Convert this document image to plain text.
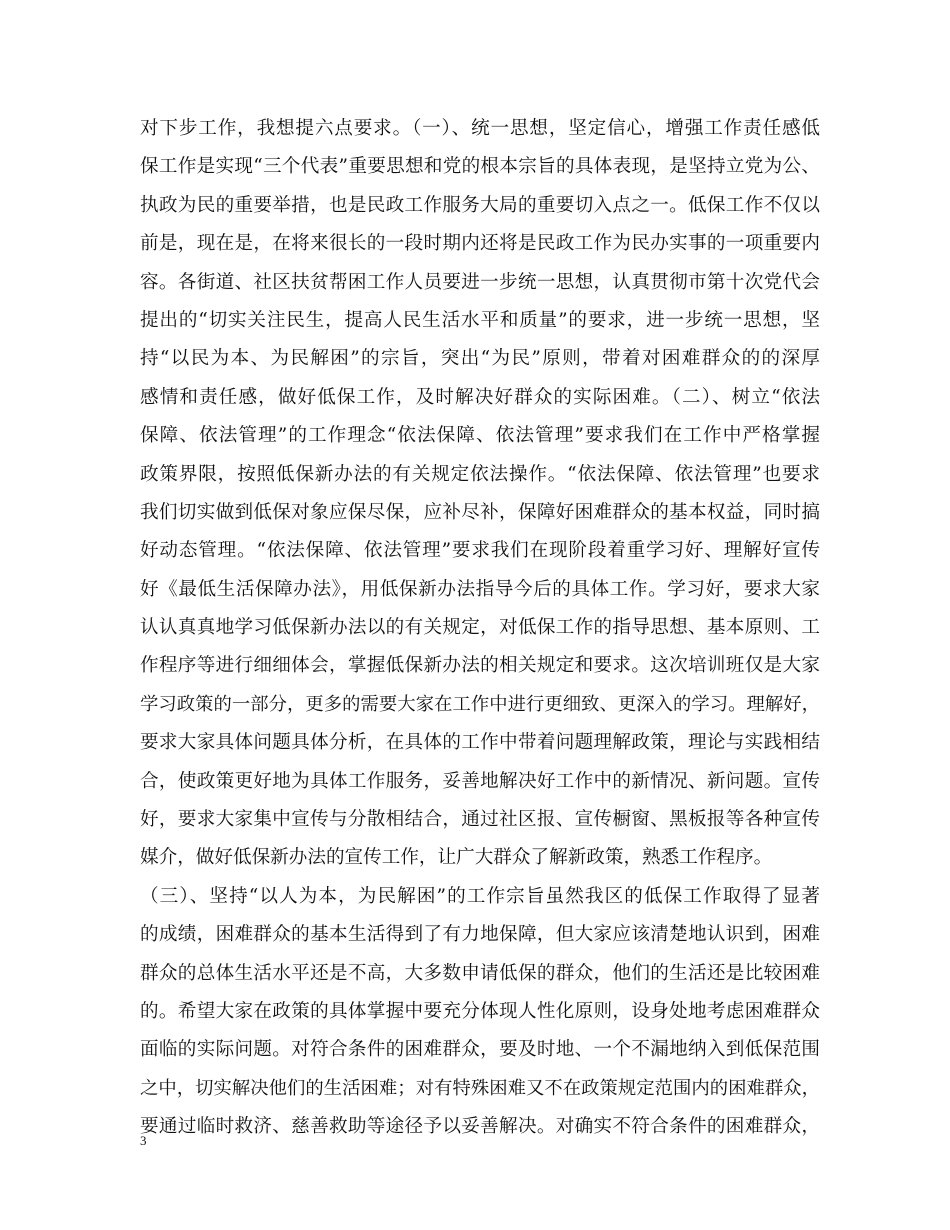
对下步工作，我想提六点要求。（一）、统一思想，坚定信心，增强工作责任感低
保工作是实现“三个代表”重要思想和党的根本宗旨的具体表现，是坚持立党为公、
执政为民的重要举措，也是民政工作服务大局的重要切入点之一。低保工作不仅以
前是，现在是，在将来很长的一段时期内还将是民政工作为民办实事的一项重要内
容。各街道、社区扶贫帮困工作人员要进一步统一思想，认真贯彻市第十次党代会
提出的“切实关注民生，提高人民生活水平和质量”的要求，进一步统一思想，坚
持“以民为本、为民解困”的宗旨，突出“为民”原则，带着对困难群众的的深厚
感情和责任感，做好低保工作，及时解决好群众的实际困难。（二）、树立“依法
保障、依法管理”的工作理念“依法保障、依法管理”要求我们在工作中严格掌握
政策界限，按照低保新办法的有关规定依法操作。“依法保障、依法管理”也要求
我们切实做到低保对象应保尽保，应补尽补，保障好困难群众的基本权益，同时搞
好动态管理。“依法保障、依法管理”要求我们在现阶段着重学习好、理解好宣传
好《最低生活保障办法》，用低保新办法指导今后的具体工作。学习好，要求大家
认认真真地学习低保新办法以的有关规定，对低保工作的指导思想、基本原则、工
作程序等进行细细体会，掌握低保新办法的相关规定和要求。这次培训班仅是大家
学习政策的一部分，更多的需要大家在工作中进行更细致、更深入的学习。理解好，
要求大家具体问题具体分析，在具体的工作中带着问题理解政策，理论与实践相结
合，使政策更好地为具体工作服务，妥善地解决好工作中的新情况、新问题。宣传
好，要求大家集中宣传与分散相结合，通过社区报、宣传橱窗、黑板报等各种宣传
媒介，做好低保新办法的宣传工作，让广大群众了解新政策，熟悉工作程序。
（三）、坚持“以人为本，为民解困”的工作宗旨虽然我区的低保工作取得了显著
的成绩，困难群众的基本生活得到了有力地保障，但大家应该清楚地认识到，困难
群众的总体生活水平还是不高，大多数申请低保的群众，他们的生活还是比较困难
的。希望大家在政策的具体掌握中要充分体现人性化原则，设身处地考虑困难群众
面临的实际问题。对符合条件的困难群众，要及时地、一个不漏地纳入到低保范围
之中，切实解决他们的生活困难；对有特殊困难又不在政策规定范围内的困难群众，
要通过临时救济、慈善救助等途径予以妥善解决。对确实不符合条件的困难群众，
3
